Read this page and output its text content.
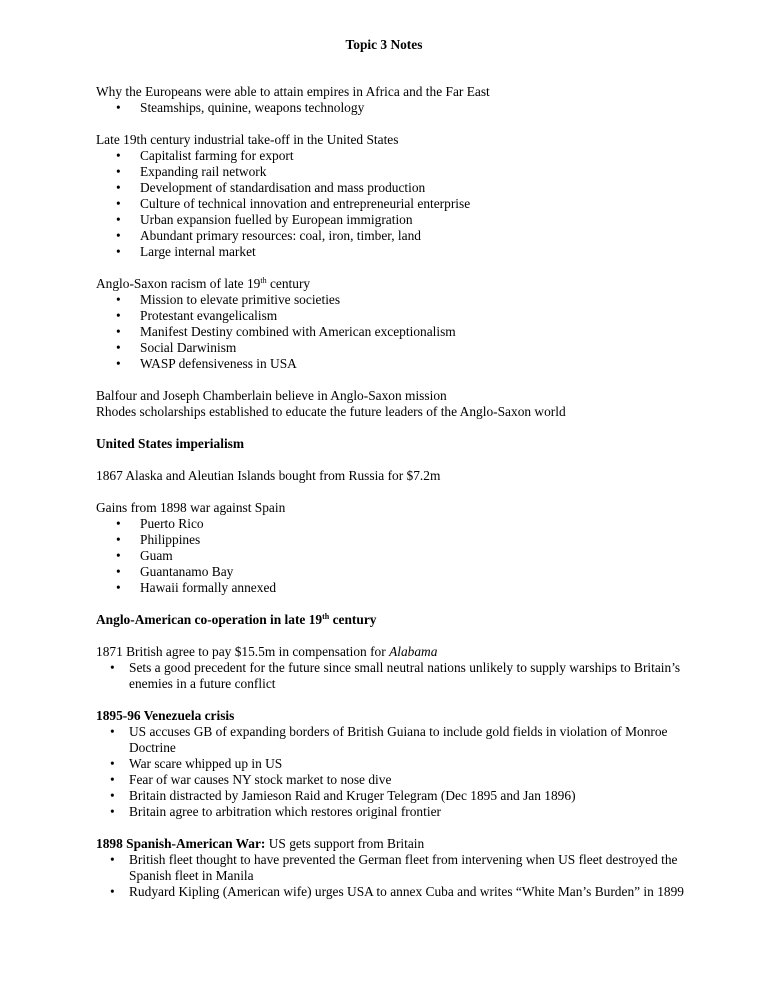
Topic 3 Notes

Why the Europeans were able to attain empires in Africa and the Far East

• Steamships, quinine, weapons technology

Late 19th century industrial take-off in the United States

• Capitalist farming for export
• Expanding rail network
• Development of standardisation and mass production
• Culture of technical innovation and entrepreneurial enterprise
• Urban expansion fuelled by European immigration
• Abundant primary resources: coal, iron, timber, land
• Large internal market

Anglo-Saxon racism of late 19th century

• Mission to elevate primitive societies
• Protestant evangelicalism
• Manifest Destiny combined with American exceptionalism
• Social Darwinism
• WASP defensiveness in USA

Balfour and Joseph Chamberlain believe in Anglo-Saxon mission

Rhodes scholarships established to educate the future leaders of the Anglo-Saxon world

United States imperialism

1867 Alaska and Aleutian Islands bought from Russia for $7.2m

Gains from 1898 war against Spain

• Puerto Rico
• Philippines
• Guam
• Guantanamo Bay
• Hawaii formally annexed

Anglo-American co-operation in late 19th century

1871 British agree to pay $15.5m in compensation for Alabama

• Sets a good precedent for the future since small neutral nations unlikely to supply warships to Britain’s enemies in a future conflict

1895-96 Venezuela crisis

• US accuses GB of expanding borders of British Guiana to include gold fields in violation of Monroe Doctrine
• War scare whipped up in US
• Fear of war causes NY stock market to nose dive
• Britain distracted by Jamieson Raid and Kruger Telegram (Dec 1895 and Jan 1896)
• Britain agree to arbitration which restores original frontier

1898 Spanish-American War: US gets support from Britain

• British fleet thought to have prevented the German fleet from intervening when US fleet destroyed the Spanish fleet in Manila
• Rudyard Kipling (American wife) urges USA to annex Cuba and writes “White Man’s Burden” in 1899
